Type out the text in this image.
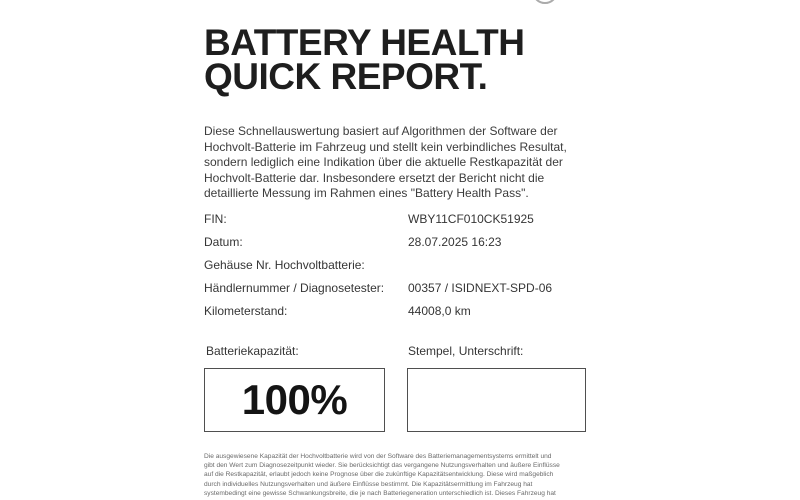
BATTERY HEALTH
QUICK REPORT.
Diese Schnellauswertung basiert auf Algorithmen der Software der
Hochvolt-Batterie im Fahrzeug und stellt kein verbindliches Resultat,
sondern lediglich eine Indikation über die aktuelle Restkapazität der
Hochvolt-Batterie dar. Insbesondere ersetzt der Bericht nicht die
detaillierte Messung im Rahmen eines "Battery Health Pass".
FIN:	WBY11CF010CK51925
Datum:	28.07.2025 16:23
Gehäuse Nr. Hochvoltbatterie:
Händlernummer / Diagnosetester:	00357 / ISIDNEXT-SPD-06
Kilometerstand:	44008,0 km
Batteriekapazität:	Stempel, Unterschrift:
100%
Die ausgewiesene Kapazität der Hochvoltbatterie wird von der Software des Batteriemanagementsystems ermittelt und
gibt den Wert zum Diagnosezeitpunkt wieder. Sie berücksichtigt das vergangene Nutzungsverhalten und äußere Einflüsse
auf die Restkapazität, erlaubt jedoch keine Prognose über die zukünftige Kapazitätsentwicklung. Diese wird maßgeblich
durch individuelles Nutzungsverhalten und äußere Einflüsse bestimmt. Die Kapazitätsermittlung im Fahrzeug hat
systembedingt eine gewisse Schwankungsbreite, die je nach Batteriegeneration unterschiedlich ist. Dieses Fahrzeug hat
